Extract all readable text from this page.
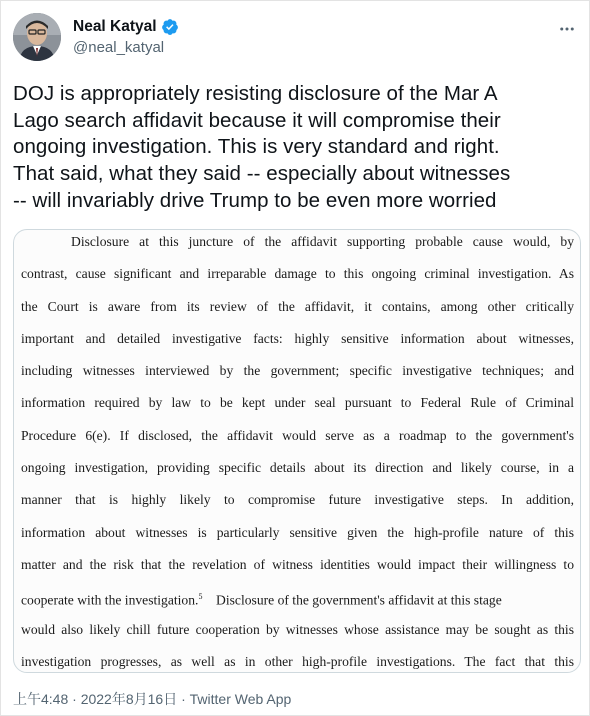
Neal Katyal
@neal_katyal
DOJ is appropriately resisting disclosure of the Mar A
Lago search affidavit because it will compromise their
ongoing investigation. This is very standard and right.
That said, what they said -- especially about witnesses
-- will invariably drive Trump to be even more worried
Disclosure at this juncture of the affidavit supporting probable cause would, by
contrast, cause significant and irreparable damage to this ongoing criminal investigation. As
the Court is aware from its review of the affidavit, it contains, among other critically
important and detailed investigative facts: highly sensitive information about witnesses,
including witnesses interviewed by the government; specific investigative techniques; and
information required by law to be kept under seal pursuant to Federal Rule of Criminal
Procedure 6(e). If disclosed, the affidavit would serve as a roadmap to the government's
ongoing investigation, providing specific details about its direction and likely course, in a
manner that is highly likely to compromise future investigative steps. In addition,
information about witnesses is particularly sensitive given the high-profile nature of this
matter and the risk that the revelation of witness identities would impact their willingness to
cooperate with the investigation.$^5$ Disclosure of the government's affidavit at this stage
would also likely chill future cooperation by witnesses whose assistance may be sought as this
investigation progresses, as well as in other high-profile investigations. The fact that this
上午4:48 · 2022年8月16日 · Twitter Web App
